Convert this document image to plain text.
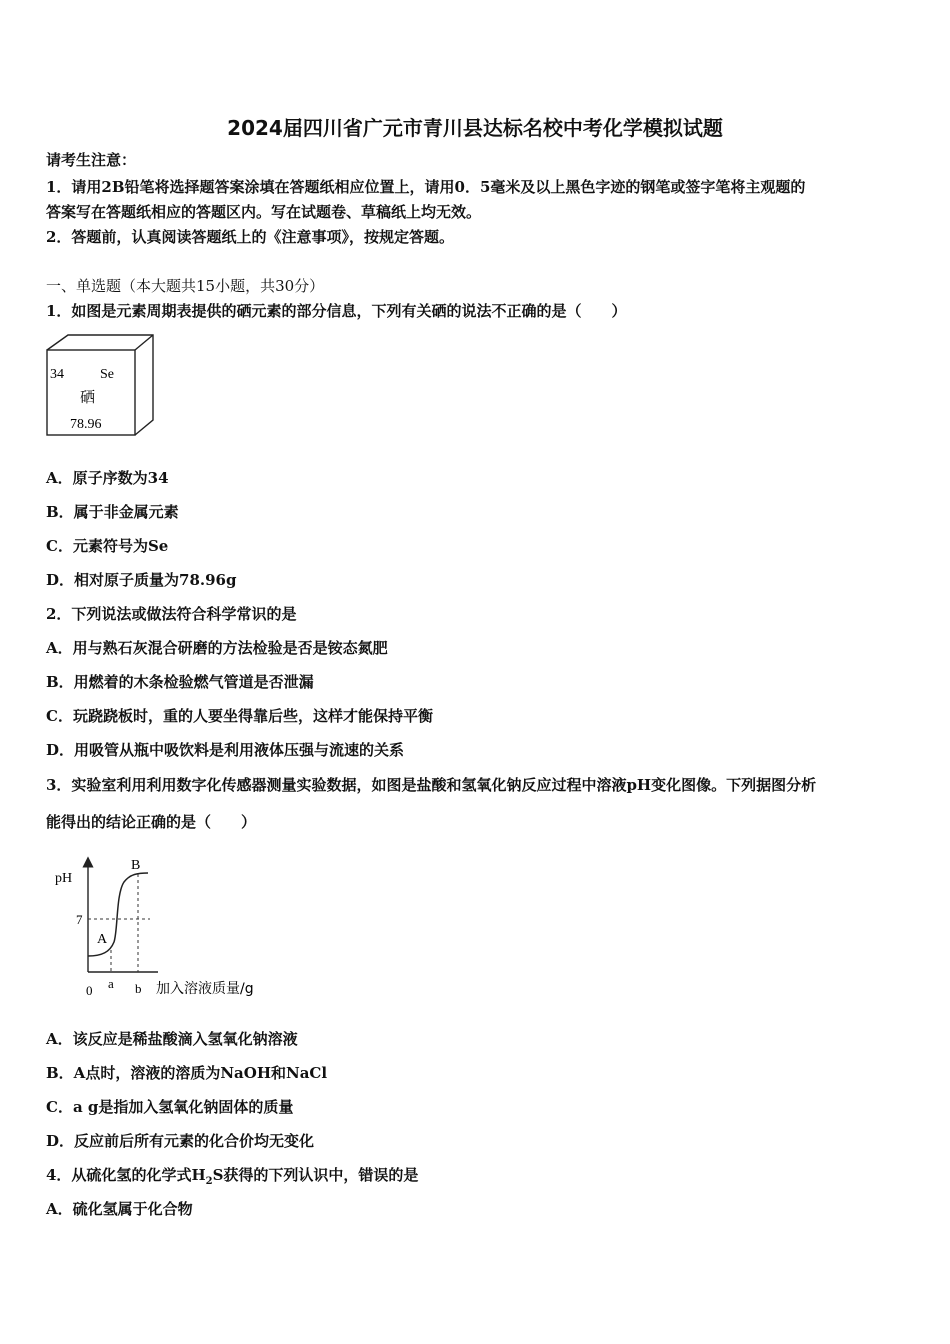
2024届四川省广元市青川县达标名校中考化学模拟试题
请考生注意：
1．请用2B铅笔将选择题答案涂填在答题纸相应位置上，请用0．5毫米及以上黑色字迹的钢笔或签字笔将主观题的
答案写在答题纸相应的答题区内。写在试题卷、草稿纸上均无效。
2．答题前，认真阅读答题纸上的《注意事项》，按规定答题。
一、单选题（本大题共15小题，共30分）
1．如图是元素周期表提供的硒元素的部分信息，下列有关硒的说法不正确的是（　　）
34	Se
硒
78.96
A．原子序数为34
B．属于非金属元素
C．元素符号为Se
D．相对原子质量为78.96g
2．下列说法或做法符合科学常识的是
A．用与熟石灰混合研磨的方法检验是否是铵态氮肥
B．用燃着的木条检验燃气管道是否泄漏
C．玩跷跷板时，重的人要坐得靠后些，这样才能保持平衡
D．用吸管从瓶中吸饮料是利用液体压强与流速的关系
3．实验室利用利用数字化传感器测量实验数据，如图是盐酸和氢氧化钠反应过程中溶液pH变化图像。下列据图分析
能得出的结论正确的是（　　）
pH
7
A
B
0 a b 加入溶液质量/g
A．该反应是稀盐酸滴入氢氧化钠溶液
B．A点时，溶液的溶质为NaOH和NaCl
C．a g是指加入氢氧化钠固体的质量
D．反应前后所有元素的化合价均无变化
4．从硫化氢的化学式$H_2S$获得的下列认识中，错误的是
A．硫化氢属于化合物
